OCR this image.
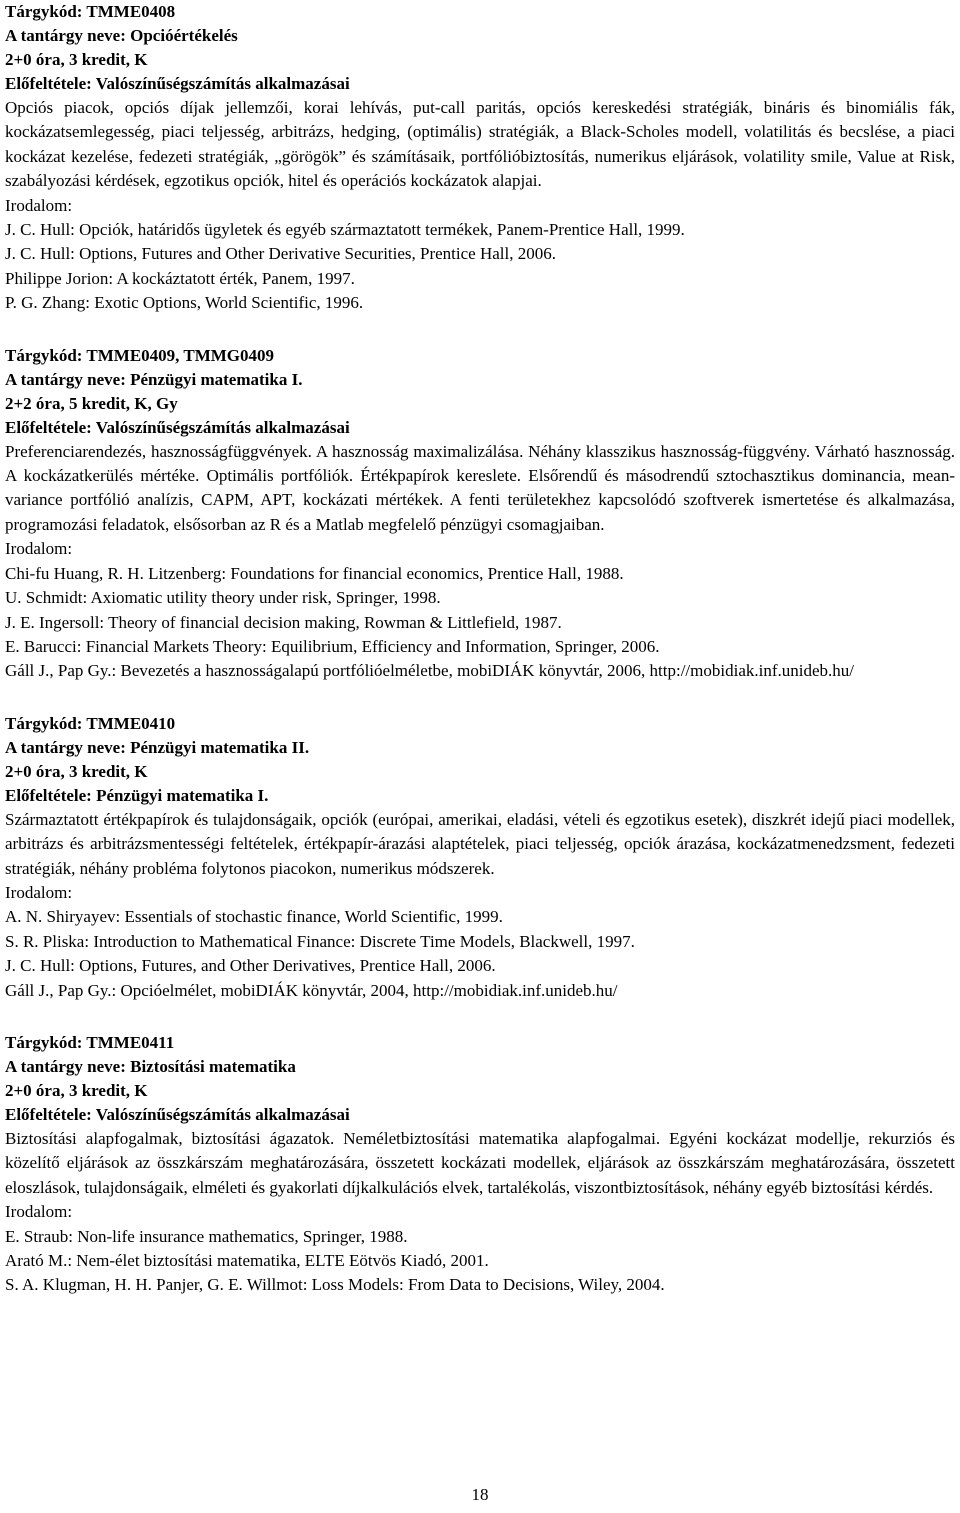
Tárgykód: TMME0408

A tantárgy neve: Opcióértékelés

2+0 óra, 3 kredit, K

Előfeltétele: Valószínűségszámítás alkalmazásai

Opciós piacok, opciós díjak jellemzői, korai lehívás, put-call paritás, opciós kereskedési stratégiák, bináris és binomiális fák, kockázatsemlegesség, piaci teljesség, arbitrázs, hedging, (optimális) stratégiák, a Black-Scholes modell, volatilitás és becslése, a piaci kockázat kezelése, fedezeti stratégiák, „görögök” és számításaik, portfólióbiztosítás, numerikus eljárások, volatility smile, Value at Risk, szabályozási kérdések, egzotikus opciók, hitel és operációs kockázatok alapjai.

Irodalom:

J. C. Hull: Opciók, határidős ügyletek és egyéb származtatott termékek, Panem-Prentice Hall, 1999.

J. C. Hull: Options, Futures and Other Derivative Securities, Prentice Hall, 2006.

Philippe Jorion: A kockáztatott érték, Panem, 1997.

P. G. Zhang: Exotic Options, World Scientific, 1996.

Tárgykód: TMME0409, TMMG0409

A tantárgy neve: Pénzügyi matematika I.

2+2 óra, 5 kredit, K, Gy

Előfeltétele: Valószínűségszámítás alkalmazásai

Preferenciarendezés, hasznosságfüggvények. A hasznosság maximalizálása. Néhány klasszikus hasznosság-függvény. Várható hasznosság. A kockázatkerülés mértéke. Optimális portfóliók. Értékpapírok kereslete. Elsőrendű és másodrendű sztochasztikus dominancia, mean-variance portfólió analízis, CAPM, APT, kockázati mértékek. A fenti területekhez kapcsolódó szoftverek ismertetése és alkalmazása, programozási feladatok, elsősorban az R és a Matlab megfelelő pénzügyi csomagjaiban.

Irodalom:

Chi-fu Huang, R. H. Litzenberg: Foundations for financial economics, Prentice Hall, 1988.

U. Schmidt: Axiomatic utility theory under risk, Springer, 1998.

J. E. Ingersoll: Theory of financial decision making, Rowman & Littlefield, 1987.

E. Barucci: Financial Markets Theory: Equilibrium, Efficiency and Information, Springer, 2006.

Gáll J., Pap Gy.: Bevezetés a hasznosságalapú portfólióelméletbe, mobiDIÁK könyvtár, 2006, http://mobidiak.inf.unideb.hu/

Tárgykód: TMME0410

A tantárgy neve: Pénzügyi matematika II.

2+0 óra, 3 kredit, K

Előfeltétele: Pénzügyi matematika I.

Származtatott értékpapírok és tulajdonságaik, opciók (európai, amerikai, eladási, vételi és egzotikus esetek), diszkrét idejű piaci modellek, arbitrázs és arbitrázsmentességi feltételek, értékpapír-árazási alaptételek, piaci teljesség, opciók árazása, kockázatmenedzsment, fedezeti stratégiák, néhány probléma folytonos piacokon, numerikus módszerek.

Irodalom:

A. N. Shiryayev: Essentials of stochastic finance, World Scientific, 1999.

S. R. Pliska: Introduction to Mathematical Finance: Discrete Time Models, Blackwell, 1997.

J. C. Hull: Options, Futures, and Other Derivatives, Prentice Hall, 2006.

Gáll J., Pap Gy.: Opcióelmélet, mobiDIÁK könyvtár, 2004, http://mobidiak.inf.unideb.hu/

Tárgykód: TMME0411

A tantárgy neve: Biztosítási matematika

2+0 óra, 3 kredit, K

Előfeltétele: Valószínűségszámítás alkalmazásai

Biztosítási alapfogalmak, biztosítási ágazatok. Neméletbiztosítási matematika alapfogalmai. Egyéni kockázat modellje, rekurziós és közelítő eljárások az összkárszám meghatározására, összetett kockázati modellek, eljárások az összkárszám meghatározására, összetett eloszlások, tulajdonságaik, elméleti és gyakorlati díjkalkulációs elvek, tartalékolás, viszontbiztosítások, néhány egyéb biztosítási kérdés.

Irodalom:

E. Straub: Non-life insurance mathematics, Springer, 1988.

Arató M.: Nem-élet biztosítási matematika, ELTE Eötvös Kiadó, 2001.

S. A. Klugman, H. H. Panjer, G. E. Willmot: Loss Models: From Data to Decisions, Wiley, 2004.

18
